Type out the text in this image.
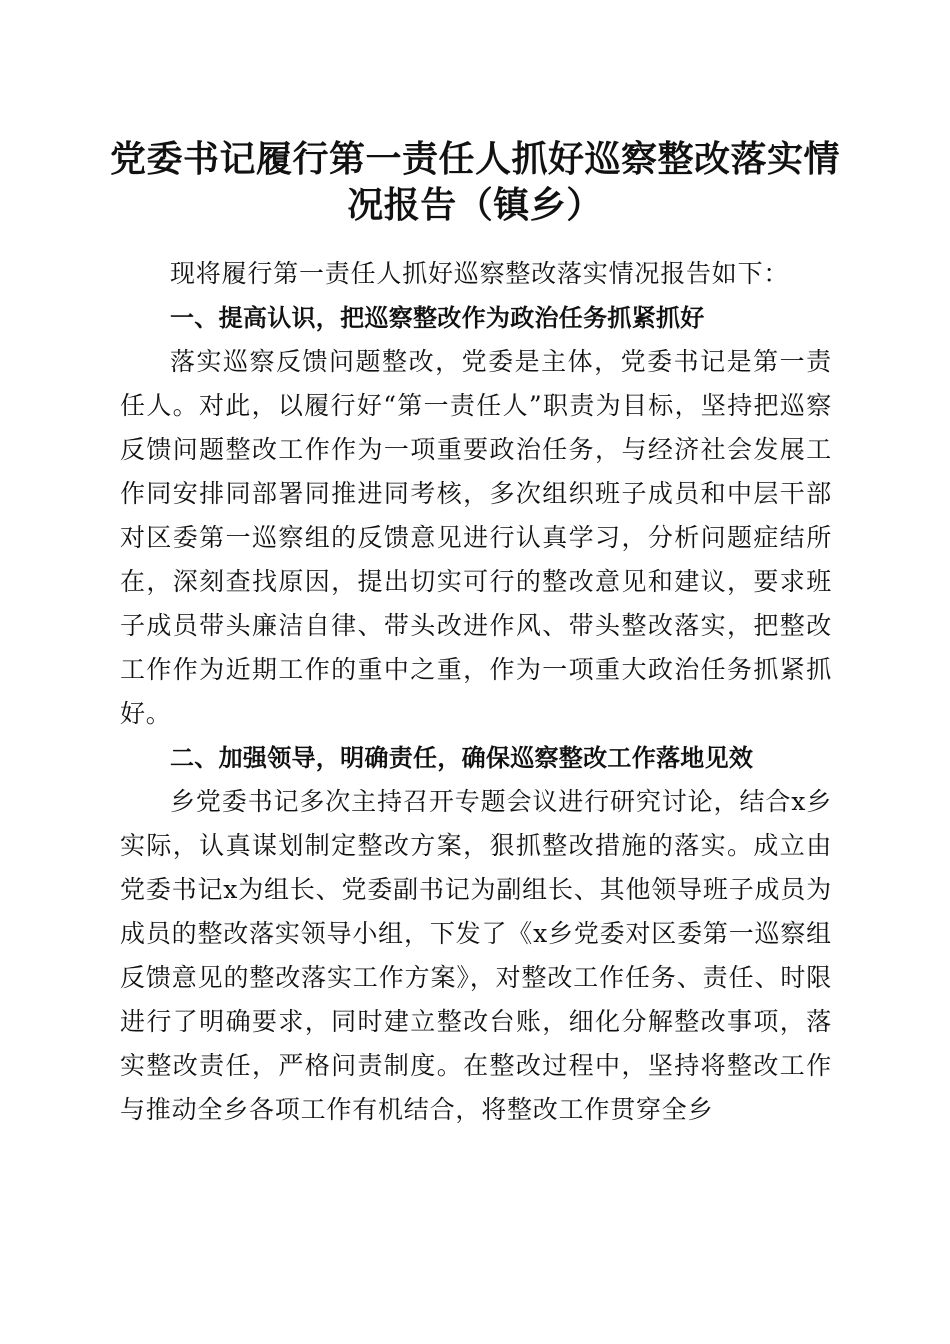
党委书记履行第一责任人抓好巡察整改落实情
况报告（镇乡）

现将履行第一责任人抓好巡察整改落实情况报告如下：

一、提高认识，把巡察整改作为政治任务抓紧抓好

落实巡察反馈问题整改，党委是主体，党委书记是第一责任人。对此，以履行好“第一责任人”职责为目标，坚持把巡察反馈问题整改工作作为一项重要政治任务，与经济社会发展工作同安排同部署同推进同考核，多次组织班子成员和中层干部对区委第一巡察组的反馈意见进行认真学习，分析问题症结所在，深刻查找原因，提出切实可行的整改意见和建议，要求班子成员带头廉洁自律、带头改进作风、带头整改落实，把整改工作作为近期工作的重中之重，作为一项重大政治任务抓紧抓好。

二、加强领导，明确责任，确保巡察整改工作落地见效

乡党委书记多次主持召开专题会议进行研究讨论，结合x乡实际，认真谋划制定整改方案，狠抓整改措施的落实。成立由党委书记x为组长、党委副书记为副组长、其他领导班子成员为成员的整改落实领导小组，下发了《x乡党委对区委第一巡察组反馈意见的整改落实工作方案》，对整改工作任务、责任、时限进行了明确要求，同时建立整改台账，细化分解整改事项，落实整改责任，严格问责制度。在整改过程中，坚持将整改工作与推动全乡各项工作有机结合，将整改工作贯穿全乡
